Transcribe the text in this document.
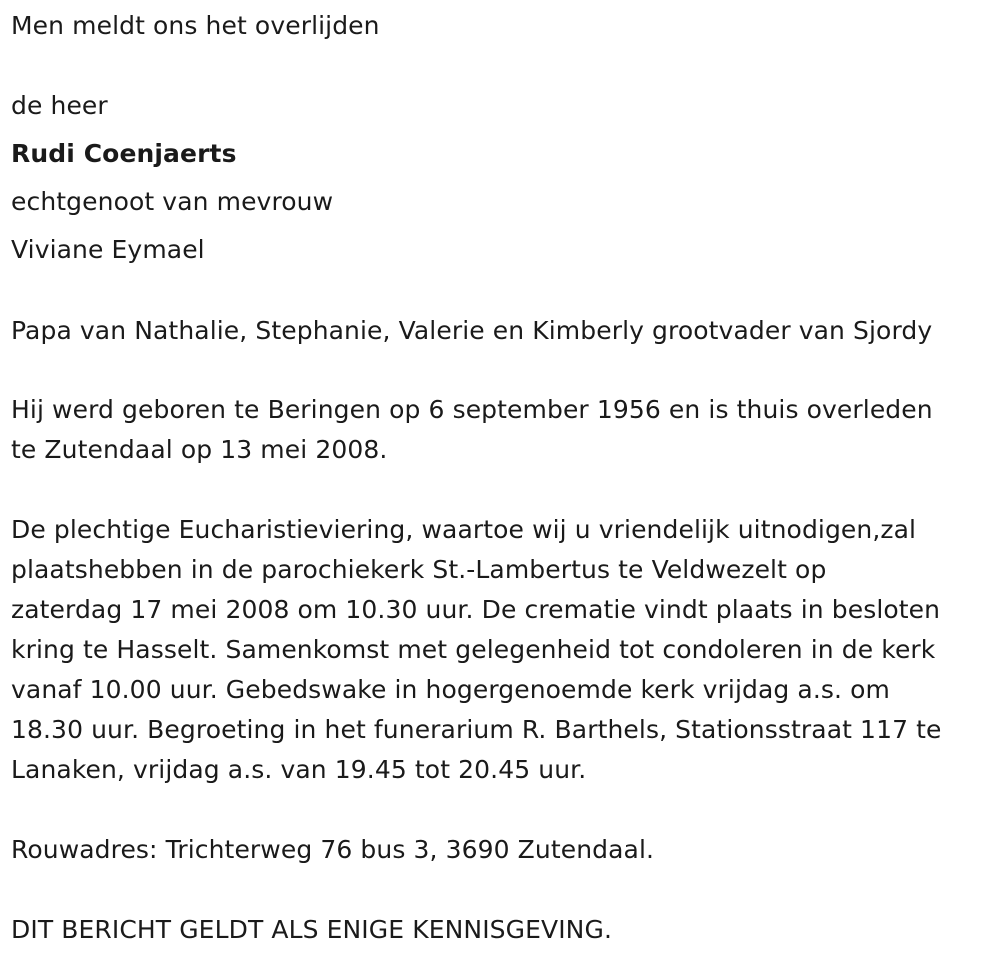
Men meldt ons het overlijden
de heer
Rudi Coenjaerts
echtgenoot van mevrouw
Viviane Eymael
Papa van Nathalie, Stephanie, Valerie en Kimberly grootvader van Sjordy
Hij werd geboren te Beringen op 6 september 1956 en is thuis overleden
te Zutendaal op 13 mei 2008.
De plechtige Eucharistieviering, waartoe wij u vriendelijk uitnodigen,zal
plaatshebben in de parochiekerk St.-Lambertus te Veldwezelt op
zaterdag 17 mei 2008 om 10.30 uur. De crematie vindt plaats in besloten
kring te Hasselt. Samenkomst met gelegenheid tot condoleren in de kerk
vanaf 10.00 uur. Gebedswake in hogergenoemde kerk vrijdag a.s. om
18.30 uur. Begroeting in het funerarium R. Barthels, Stationsstraat 117 te
Lanaken, vrijdag a.s. van 19.45 tot 20.45 uur.
Rouwadres: Trichterweg 76 bus 3, 3690 Zutendaal.
DIT BERICHT GELDT ALS ENIGE KENNISGEVING.
